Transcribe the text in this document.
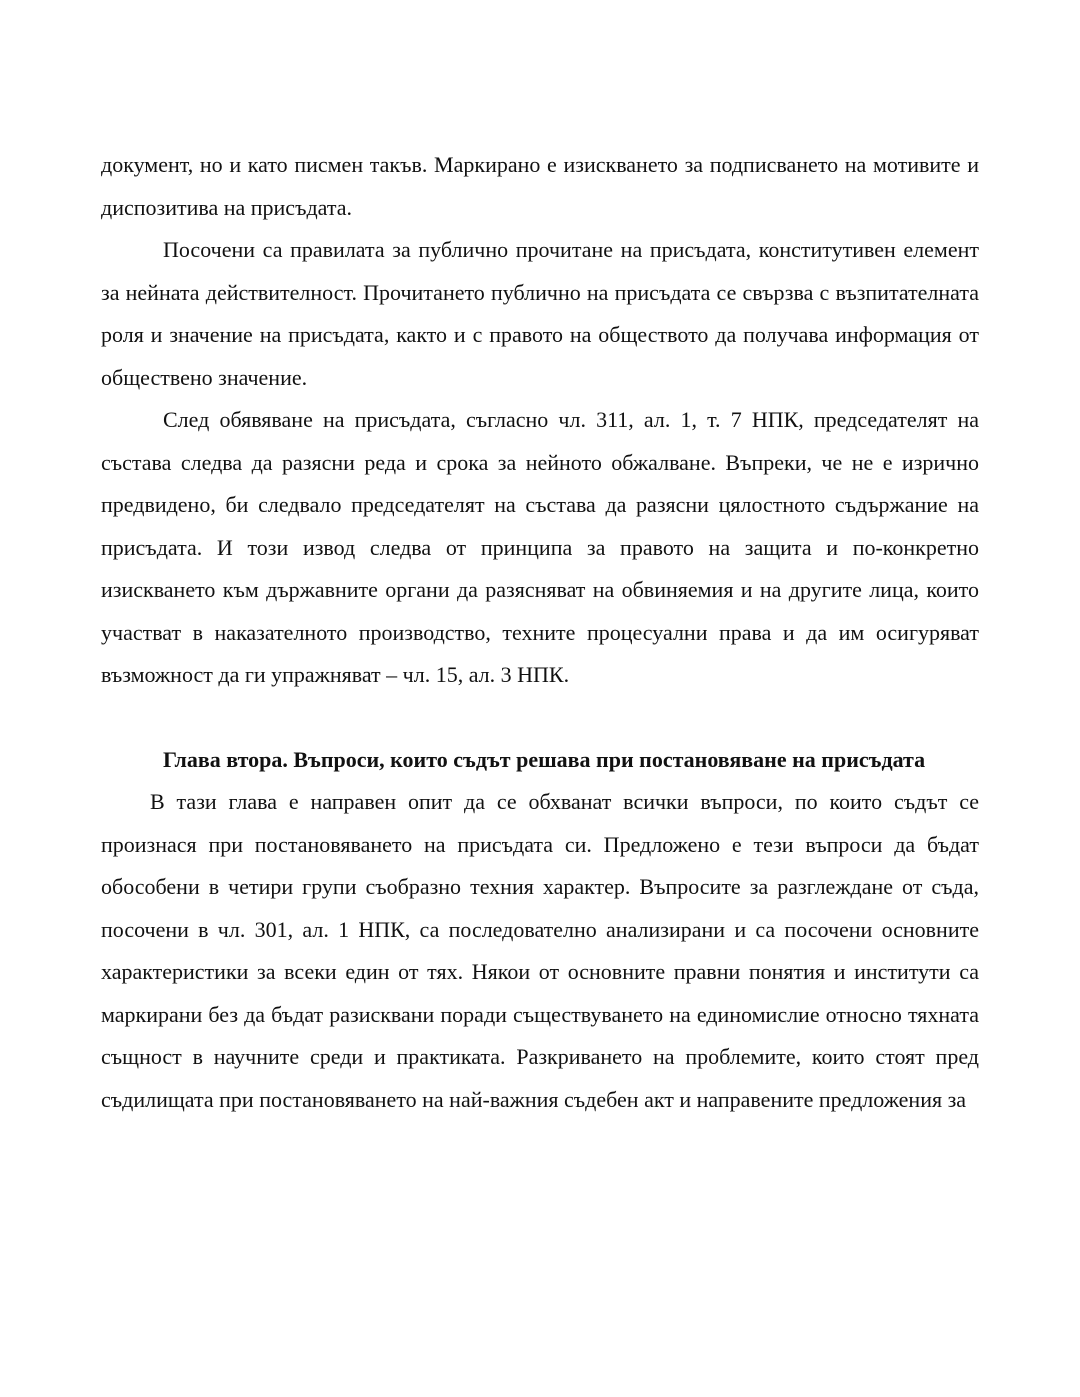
документ, но и като писмен такъв. Маркирано е изискването за подписването на мотивите и диспозитива на присъдата.

Посочени са правилата за публично прочитане на присъдата, конститутивен елемент за нейната действителност. Прочитането публично на присъдата се свързва с възпитателната роля и значение на присъдата, както и с правото на обществото да получава информация от обществено значение.

След обявяване на присъдата, съгласно чл. 311, ал. 1, т. 7 НПК, председателят на състава следва да разясни реда и срока за нейното обжалване. Въпреки, че не е изрично предвидено, би следвало председателят на състава да разясни цялостното съдържание на присъдата. И този извод следва от принципа за правото на защита и по-конкретно изискването към държавните органи да разясняват на обвиняемия и на другите лица, които участват в наказателното производство, техните процесуални права и да им осигуряват възможност да ги упражняват – чл. 15, ал. 3 НПК.

Глава втора. Въпроси, които съдът решава при постановяване на присъдата

В тази глава е направен опит да се обхванат всички въпроси, по които съдът се произнася при постановяването на присъдата си. Предложено е тези въпроси да бъдат обособени в четири групи съобразно техния характер. Въпросите за разглеждане от съда, посочени в чл. 301, ал. 1 НПК, са последователно анализирани и са посочени основните характеристики за всеки един от тях. Някои от основните правни понятия и институти са маркирани без да бъдат разисквани поради съществуването на единомислие относно тяхната същност в научните среди и практиката. Разкриването на проблемите, които стоят пред съдилищата при постановяването на най-важния съдебен акт и направените предложения за
